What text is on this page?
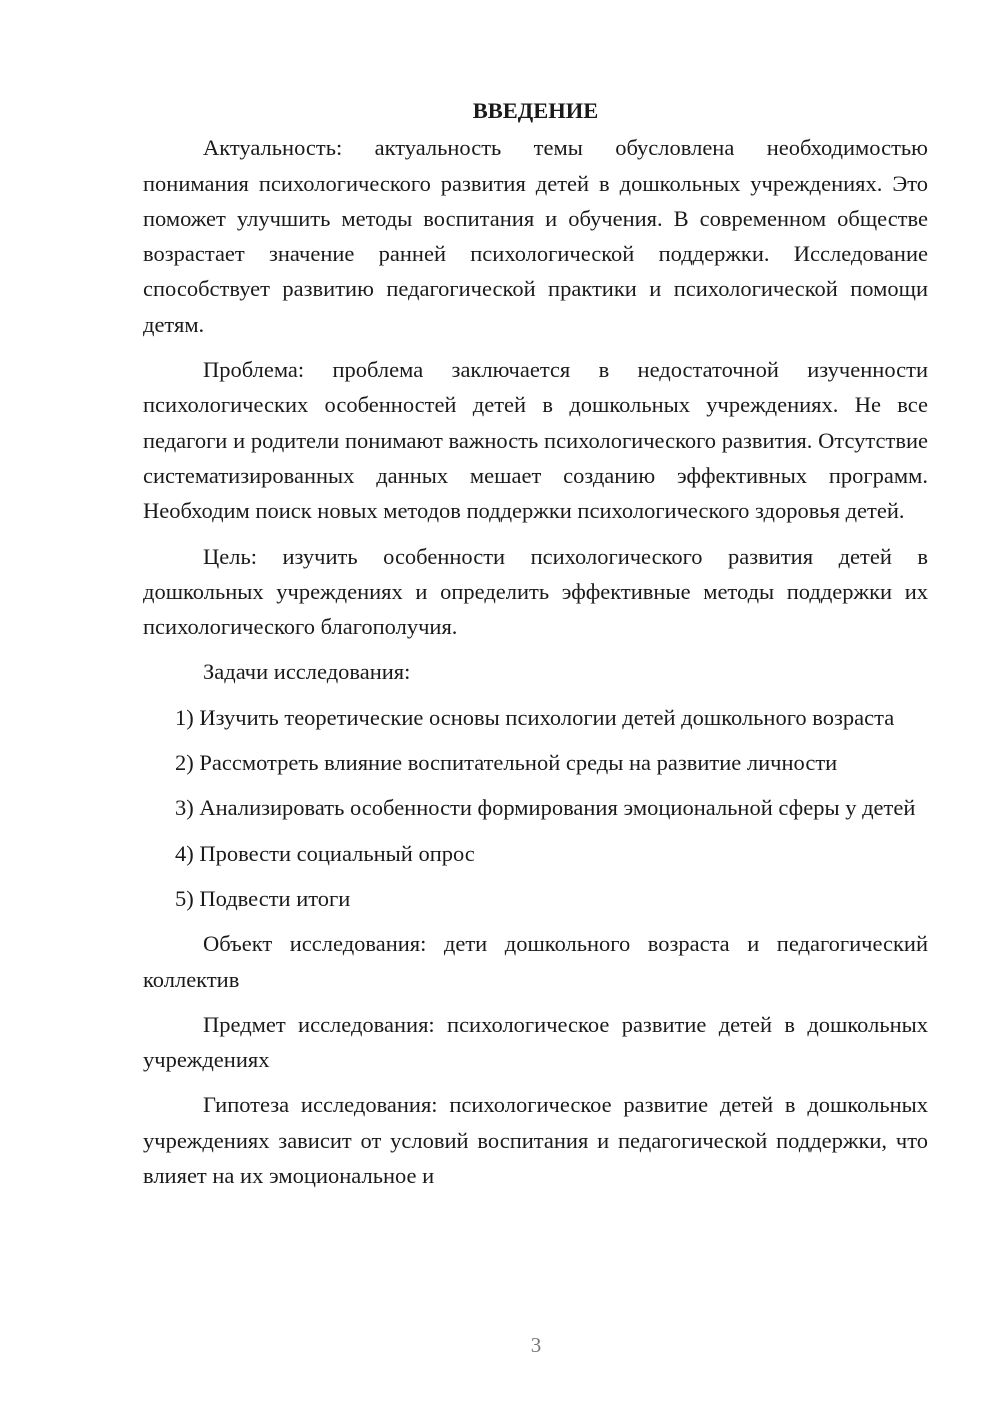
ВВЕДЕНИЕ

Актуальность: актуальность темы обусловлена необходимостью понимания психологического развития детей в дошкольных учреждениях. Это поможет улучшить методы воспитания и обучения. В современном обществе возрастает значение ранней психологической поддержки. Исследование способствует развитию педагогической практики и психологической помощи детям.

Проблема: проблема заключается в недостаточной изученности психологических особенностей детей в дошкольных учреждениях. Не все педагоги и родители понимают важность психологического развития. Отсутствие систематизированных данных мешает созданию эффективных программ. Необходим поиск новых методов поддержки психологического здоровья детей.

Цель: изучить особенности психологического развития детей в дошкольных учреждениях и определить эффективные методы поддержки их психологического благополучия.

Задачи исследования:

1) Изучить теоретические основы психологии детей дошкольного возраста

2) Рассмотреть влияние воспитательной среды на развитие личности

3) Анализировать особенности формирования эмоциональной сферы у детей

4) Провести социальный опрос

5) Подвести итоги

Объект исследования: дети дошкольного возраста и педагогический коллектив

Предмет исследования: психологическое развитие детей в дошкольных учреждениях

Гипотеза исследования: психологическое развитие детей в дошкольных учреждениях зависит от условий воспитания и педагогической поддержки, что влияет на их эмоциональное и

3
